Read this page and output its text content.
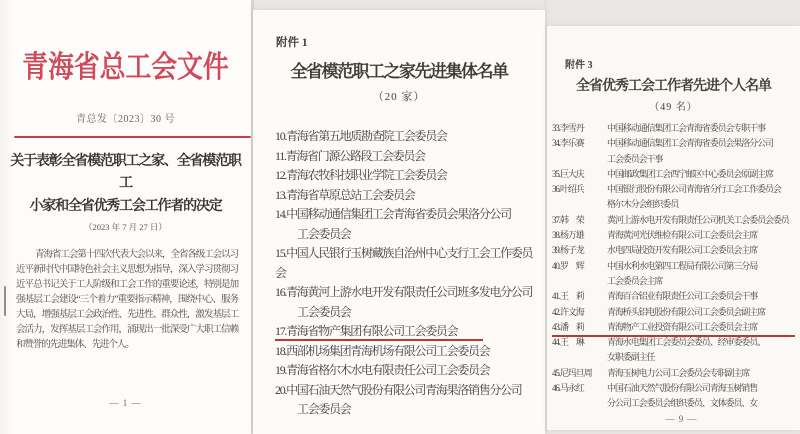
青海省总工会文件
青总发〔2023〕30 号
关于表彰全省模范职工之家、全省模范职工
小家和全省优秀工会工作者的决定
（2023 年 7 月 27 日）

青海省工会第十四次代表大会以来，全省各级工会以习近平新时代中国特色社会主义思想为指导，深入学习贯彻习近平总书记关于工人阶级和工会工作的重要论述，特别是加强基层工会建设“三个着力”重要指示精神，围绕中心、服务大局，增强基层工会政治性、先进性、群众性，激发基层工会活力，发挥基层工会作用，涌现出一批深受广大职工信赖和赞誉的先进集体、先进个人。

— 1 —
附件 1
全省模范职工之家先进集体名单
（20 家）
10.青海省第五地质勘查院工会委员会
11.青海省门源公路段工会委员会
12.青海农牧科技职业学院工会委员会
13.青海省草原总站工会委员会
14.中国移动通信集团工会青海省委员会果洛分公司
工会委员会
15.中国人民银行玉树藏族自治州中心支行工会工作委员会
16.青海黄河上游水电开发有限责任公司班多发电分公司
工会委员会
17.青海省物产集团有限公司工会委员会
18.西部机场集团青海机场有限公司工会委员会
19.青海省格尔木水电有限责任公司工会委员会
20.中国石油天然气股份有限公司青海果洛销售分公司
工会委员会
附件 3
全省优秀工会工作者先进个人名单
（49 名）
33.李雪丹	中国移动通信集团工会青海省委员会专职干事
34.李乐赛	中国移动通信集团工会青海省委员会果洛分公司
工会委员会干事
35.巨大庆	中国邮政集团工会西宁邮区中心委员会原副主席
36.叶绍兵	中国银行股份有限公司青海省分行工会工作委员会
格尔木分会组织委员
37.韩　荣	黄河上游水电开发有限责任公司机关工会委员会委员
38.杨万雄	青海黄河光伏维检有限公司工会委员会主席
39.杨子龙	水电四局投资开发有限公司工会委员会主席
40.罗　辉	中国水利水电第四工程局有限公司第三分局
工会委员会主席
41.王　莉	青海百合铝业有限责任公司工会委员会干事
42.许文海	青海桥头铝电股份有限公司工会委员会副主席
43.潘　莉	青海物产工业投资有限公司工会委员会主席
44.王　琳	青海水电集团工会委员会委员、经审委委员、
女职委副主任
45.尼玛旦周	青海玉树电力公司工会委员会专职副主席
46.马永红	中国石油天然气股份有限公司青海玉树销售
分公司工会委员会组织委员、文体委员、女
— 9 —
